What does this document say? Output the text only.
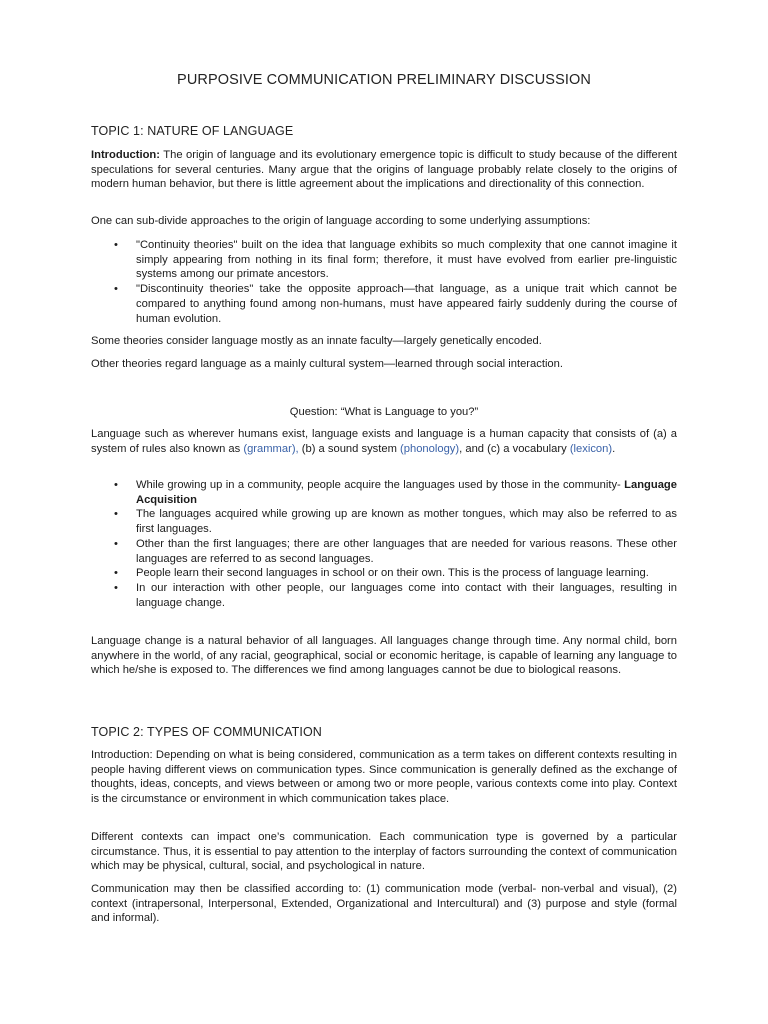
PURPOSIVE COMMUNICATION PRELIMINARY DISCUSSION
TOPIC 1: NATURE OF LANGUAGE

Introduction: The origin of language and its evolutionary emergence topic is difficult to study because of the different speculations for several centuries. Many argue that the origins of language probably relate closely to the origins of modern human behavior, but there is little agreement about the implications and directionality of this connection.

One can sub-divide approaches to the origin of language according to some underlying assumptions:

• "Continuity theories" built on the idea that language exhibits so much complexity that one cannot imagine it simply appearing from nothing in its final form; therefore, it must have evolved from earlier pre-linguistic systems among our primate ancestors.
• "Discontinuity theories" take the opposite approach—that language, as a unique trait which cannot be compared to anything found among non-humans, must have appeared fairly suddenly during the course of human evolution.

Some theories consider language mostly as an innate faculty—largely genetically encoded.

Other theories regard language as a mainly cultural system—learned through social interaction.

Question: “What is Language to you?”

Language such as wherever humans exist, language exists and language is a human capacity that consists of (a) a system of rules also known as (grammar), (b) a sound system (phonology), and (c) a vocabulary (lexicon).

• While growing up in a community, people acquire the languages used by those in the community- Language Acquisition
• The languages acquired while growing up are known as mother tongues, which may also be referred to as first languages.
• Other than the first languages; there are other languages that are needed for various reasons. These other languages are referred to as second languages.
• People learn their second languages in school or on their own. This is the process of language learning.
• In our interaction with other people, our languages come into contact with their languages, resulting in language change.

Language change is a natural behavior of all languages. All languages change through time. Any normal child, born anywhere in the world, of any racial, geographical, social or economic heritage, is capable of learning any language to which he/she is exposed to. The differences we find among languages cannot be due to biological reasons.

TOPIC 2: TYPES OF COMMUNICATION

Introduction: Depending on what is being considered, communication as a term takes on different contexts resulting in people having different views on communication types. Since communication is generally defined as the exchange of thoughts, ideas, concepts, and views between or among two or more people, various contexts come into play. Context is the circumstance or environment in which communication takes place.

Different contexts can impact one’s communication. Each communication type is governed by a particular circumstance. Thus, it is essential to pay attention to the interplay of factors surrounding the context of communication which may be physical, cultural, social, and psychological in nature.

Communication may then be classified according to: (1) communication mode (verbal- non-verbal and visual), (2) context (intrapersonal, Interpersonal, Extended, Organizational and Intercultural) and (3) purpose and style (formal and informal).
